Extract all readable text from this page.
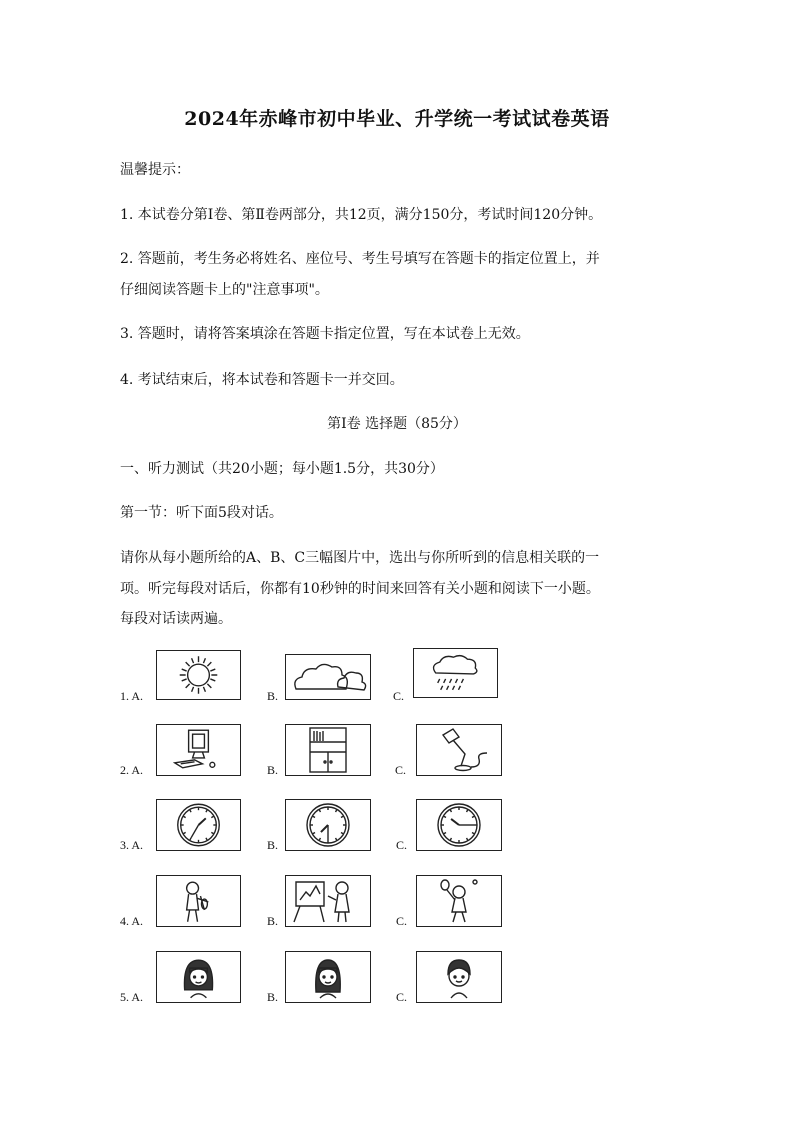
2024年赤峰市初中毕业、升学统一考试试卷英语
温馨提示：
1. 本试卷分第Ⅰ卷、第Ⅱ卷两部分，共12页，满分150分，考试时间120分钟。
2. 答题前，考生务必将姓名、座位号、考生号填写在答题卡的指定位置上，并
仔细阅读答题卡上的"注意事项"。
3. 答题时，请将答案填涂在答题卡指定位置，写在本试卷上无效。
4. 考试结束后，将本试卷和答题卡一并交回。
第Ⅰ卷 选择题（85分）
一、听力测试（共20小题；每小题1.5分，共30分）
第一节：听下面5段对话。
请你从每小题所给的A、B、C三幅图片中，选出与你所听到的信息相关联的一
项。听完每段对话后，你都有10秒钟的时间来回答有关小题和阅读下一小题。
每段对话读两遍。
1. A.	B.	C.
2. A.	B.	C.
3. A.	B.	C.
4. A.	B.	C.
5. A.	B.	C.
